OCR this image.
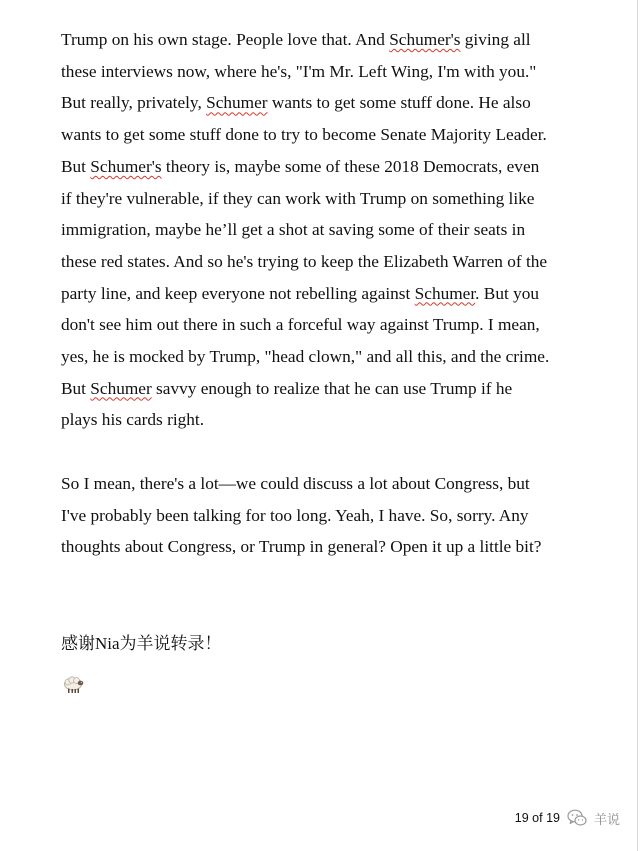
Trump on his own stage. People love that. And Schumer's giving all
these interviews now, where he's, "I'm Mr. Left Wing, I'm with you."
But really, privately, Schumer wants to get some stuff done. He also
wants to get some stuff done to try to become Senate Majority Leader.
But Schumer's theory is, maybe some of these 2018 Democrats, even
if they're vulnerable, if they can work with Trump on something like
immigration, maybe he’ll get a shot at saving some of their seats in
these red states. And so he's trying to keep the Elizabeth Warren of the
party line, and keep everyone not rebelling against Schumer. But you
don't see him out there in such a forceful way against Trump. I mean,
yes, he is mocked by Trump, "head clown," and all this, and the crime.
But Schumer savvy enough to realize that he can use Trump if he
plays his cards right.
So I mean, there's a lot—we could discuss a lot about Congress, but
I've probably been talking for too long. Yeah, I have. So, sorry. Any
thoughts about Congress, or Trump in general? Open it up a little bit?
感谢Nia为羊说转录！
19 of 19	羊说
